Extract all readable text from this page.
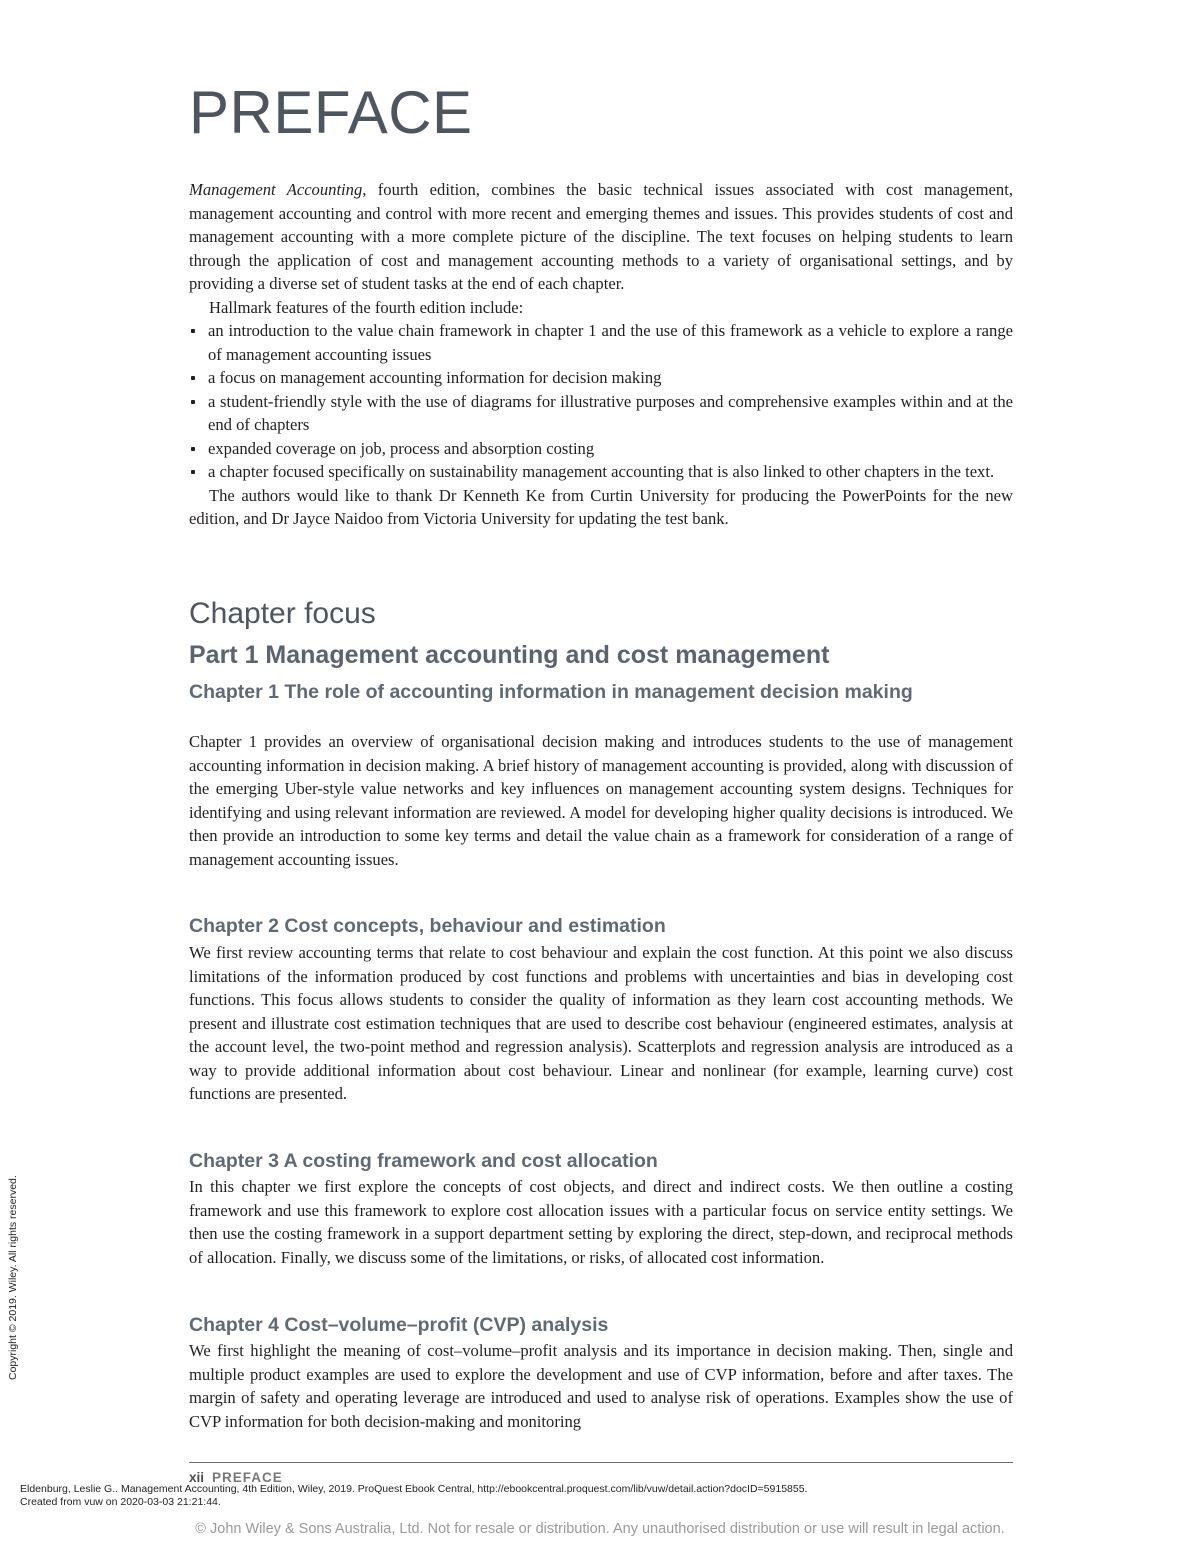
PREFACE

Management Accounting, fourth edition, combines the basic technical issues associated with cost management, management accounting and control with more recent and emerging themes and issues. This provides students of cost and management accounting with a more complete picture of the discipline. The text focuses on helping students to learn through the application of cost and management accounting methods to a variety of organisational settings, and by providing a diverse set of student tasks at the end of each chapter.

Hallmark features of the fourth edition include:

an introduction to the value chain framework in chapter 1 and the use of this framework as a vehicle to explore a range of management accounting issues
a focus on management accounting information for decision making
a student-friendly style with the use of diagrams for illustrative purposes and comprehensive examples within and at the end of chapters
expanded coverage on job, process and absorption costing
a chapter focused specifically on sustainability management accounting that is also linked to other chapters in the text.

The authors would like to thank Dr Kenneth Ke from Curtin University for producing the PowerPoints for the new edition, and Dr Jayce Naidoo from Victoria University for updating the test bank.

Chapter focus
Part 1 Management accounting and cost management
Chapter 1 The role of accounting information in management decision making

Chapter 1 provides an overview of organisational decision making and introduces students to the use of management accounting information in decision making. A brief history of management accounting is provided, along with discussion of the emerging Uber-style value networks and key influences on management accounting system designs. Techniques for identifying and using relevant information are reviewed. A model for developing higher quality decisions is introduced. We then provide an introduction to some key terms and detail the value chain as a framework for consideration of a range of management accounting issues.

Chapter 2 Cost concepts, behaviour and estimation

We first review accounting terms that relate to cost behaviour and explain the cost function. At this point we also discuss limitations of the information produced by cost functions and problems with uncertainties and bias in developing cost functions. This focus allows students to consider the quality of information as they learn cost accounting methods. We present and illustrate cost estimation techniques that are used to describe cost behaviour (engineered estimates, analysis at the account level, the two-point method and regression analysis). Scatterplots and regression analysis are introduced as a way to provide additional information about cost behaviour. Linear and nonlinear (for example, learning curve) cost functions are presented.

Chapter 3 A costing framework and cost allocation

In this chapter we first explore the concepts of cost objects, and direct and indirect costs. We then outline a costing framework and use this framework to explore cost allocation issues with a particular focus on service entity settings. We then use the costing framework in a support department setting by exploring the direct, step-down, and reciprocal methods of allocation. Finally, we discuss some of the limitations, or risks, of allocated cost information.

Chapter 4 Cost–volume–profit (CVP) analysis

We first highlight the meaning of cost–volume–profit analysis and its importance in decision making. Then, single and multiple product examples are used to explore the development and use of CVP information, before and after taxes. The margin of safety and operating leverage are introduced and used to analyse risk of operations. Examples show the use of CVP information for both decision-making and monitoring

xii PREFACE
Eldenburg, Leslie G.. Management Accounting, 4th Edition, Wiley, 2019. ProQuest Ebook Central, http://ebookcentral.proquest.com/lib/vuw/detail.action?docID=5915855.
Created from vuw on 2020-03-03 21:21:44.
© John Wiley & Sons Australia, Ltd. Not for resale or distribution. Any unauthorised distribution or use will result in legal action.
Copyright © 2019. Wiley. All rights reserved.
